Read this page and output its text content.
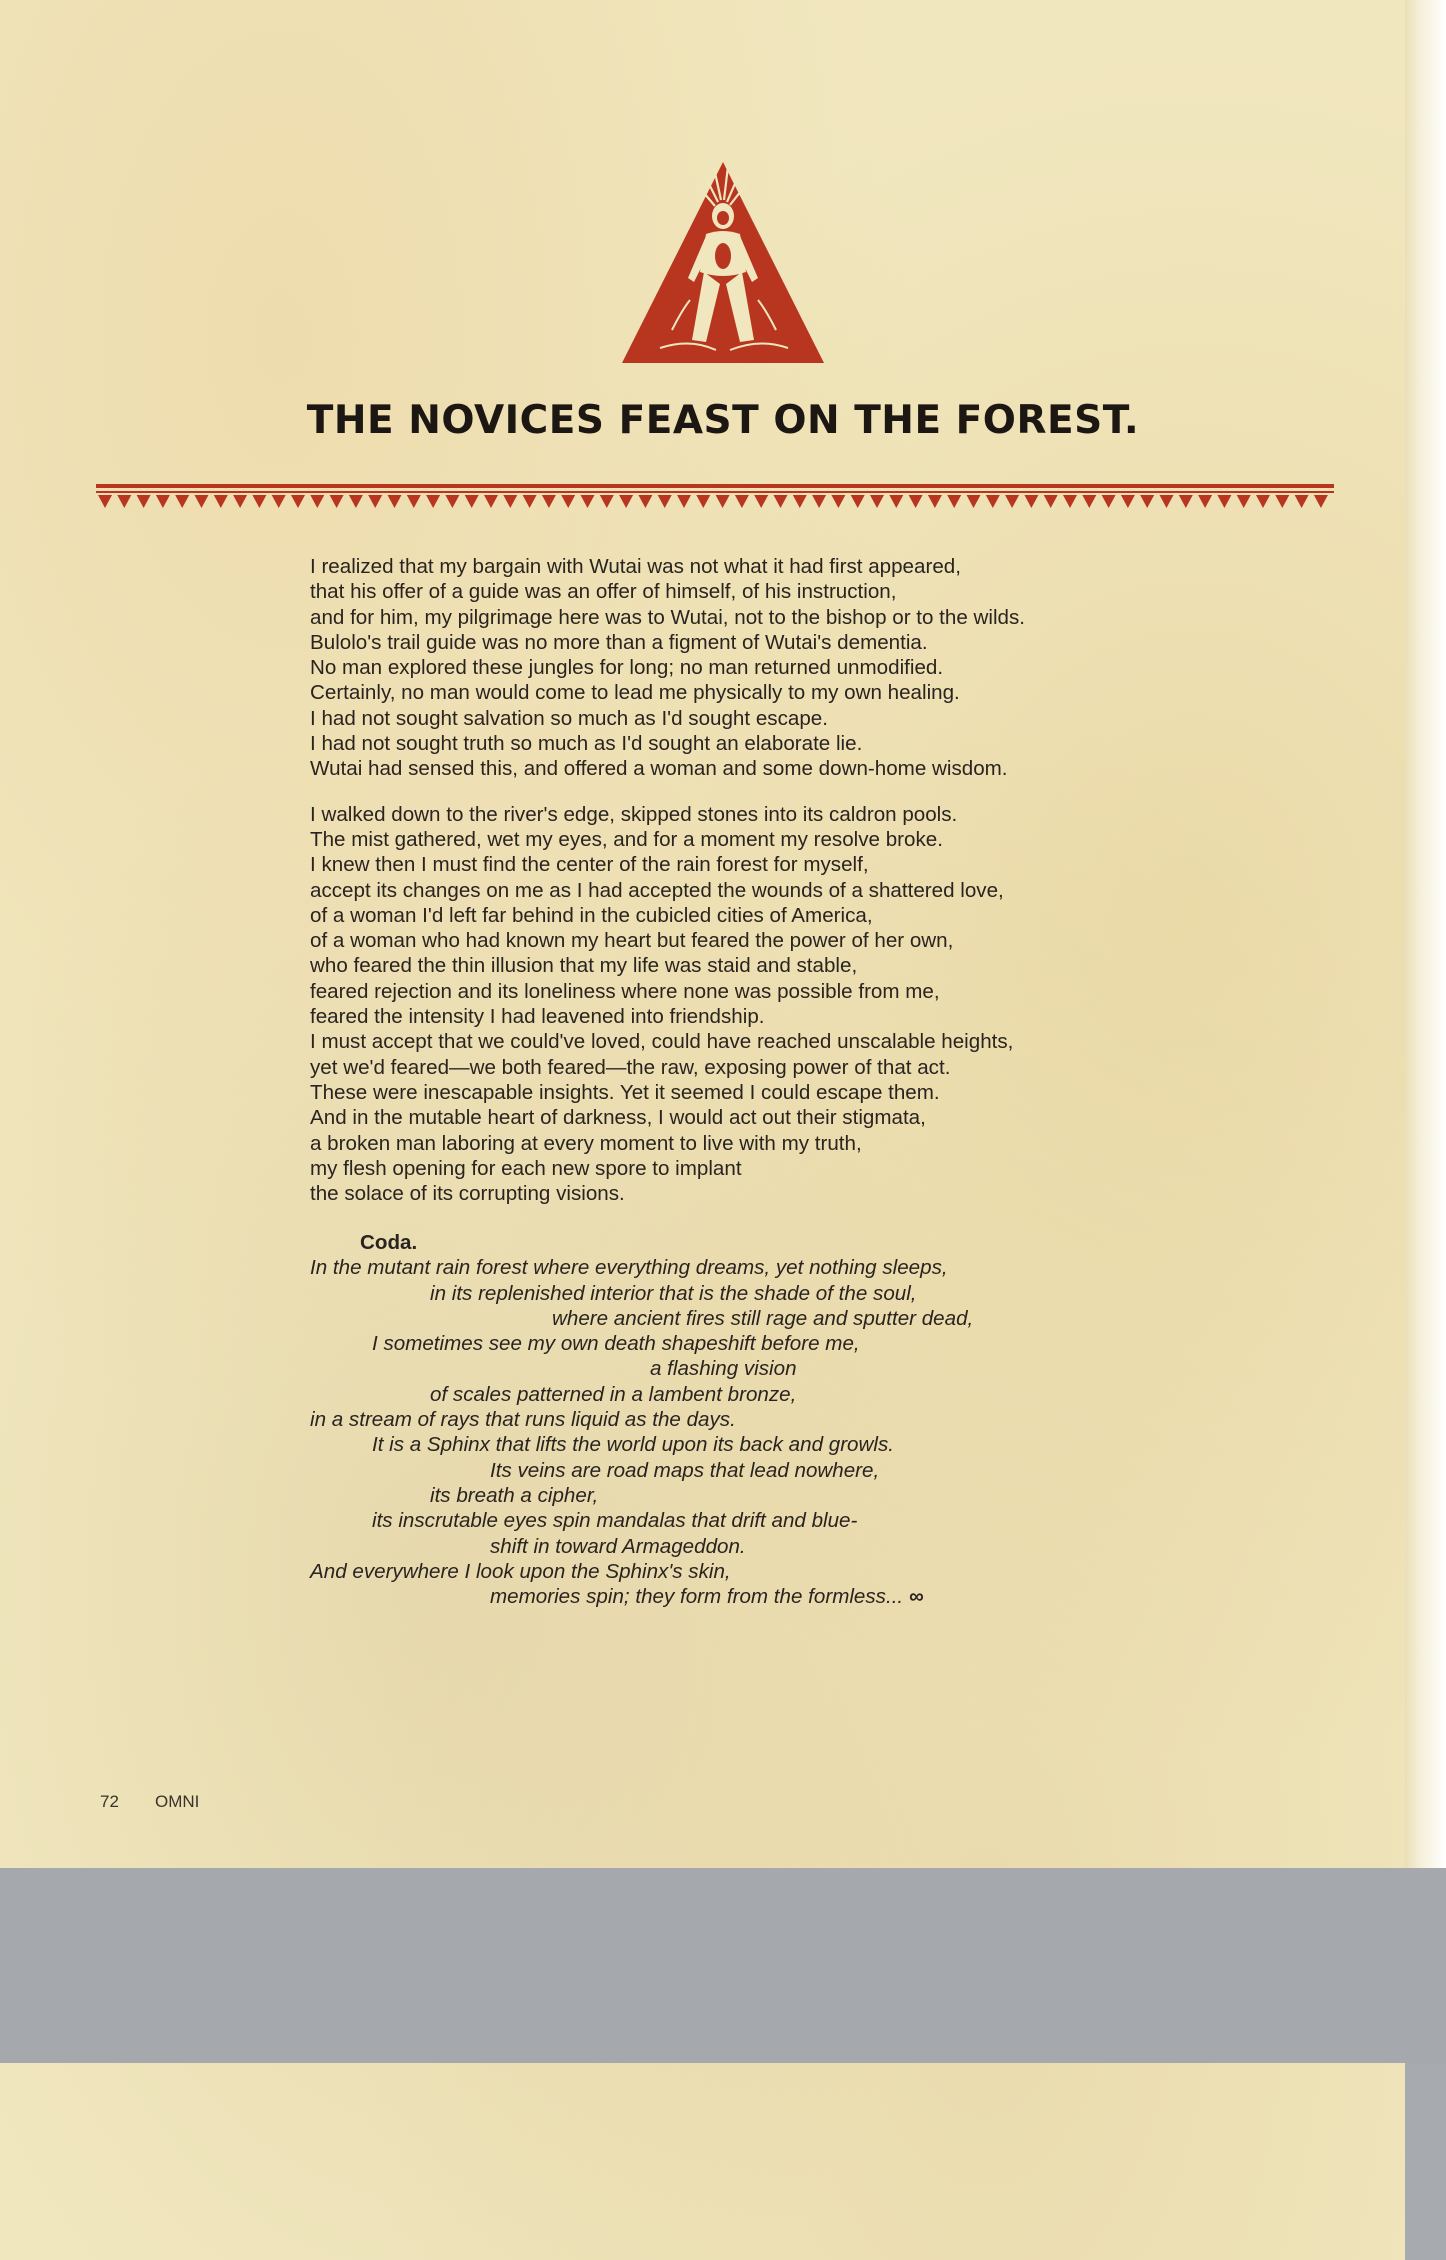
THE NOVICES FEAST ON THE FOREST.
I realized that my bargain with Wutai was not what it had first appeared,
that his offer of a guide was an offer of himself, of his instruction,
and for him, my pilgrimage here was to Wutai, not to the bishop or to the wilds.
Bulolo's trail guide was no more than a figment of Wutai's dementia.
No man explored these jungles for long; no man returned unmodified.
Certainly, no man would come to lead me physically to my own healing.
I had not sought salvation so much as I'd sought escape.
I had not sought truth so much as I'd sought an elaborate lie.
Wutai had sensed this, and offered a woman and some down-home wisdom.
I walked down to the river's edge, skipped stones into its caldron pools.
The mist gathered, wet my eyes, and for a moment my resolve broke.
I knew then I must find the center of the rain forest for myself,
accept its changes on me as I had accepted the wounds of a shattered love,
of a woman I'd left far behind in the cubicled cities of America,
of a woman who had known my heart but feared the power of her own,
who feared the thin illusion that my life was staid and stable,
feared rejection and its loneliness where none was possible from me,
feared the intensity I had leavened into friendship.
I must accept that we could've loved, could have reached unscalable heights,
yet we'd feared—we both feared—the raw, exposing power of that act.
These were inescapable insights. Yet it seemed I could escape them.
And in the mutable heart of darkness, I would act out their stigmata,
a broken man laboring at every moment to live with my truth,
my flesh opening for each new spore to implant
the solace of its corrupting visions.
Coda.
In the mutant rain forest where everything dreams, yet nothing sleeps,
in its replenished interior that is the shade of the soul,
where ancient fires still rage and sputter dead,
I sometimes see my own death shapeshift before me,
a flashing vision
of scales patterned in a lambent bronze,
in a stream of rays that runs liquid as the days.
It is a Sphinx that lifts the world upon its back and growls.
Its veins are road maps that lead nowhere,
its breath a cipher,
its inscrutable eyes spin mandalas that drift and blue-
shift in toward Armageddon.
And everywhere I look upon the Sphinx's skin,
memories spin; they form from the formless... ∞
72 OMNI
